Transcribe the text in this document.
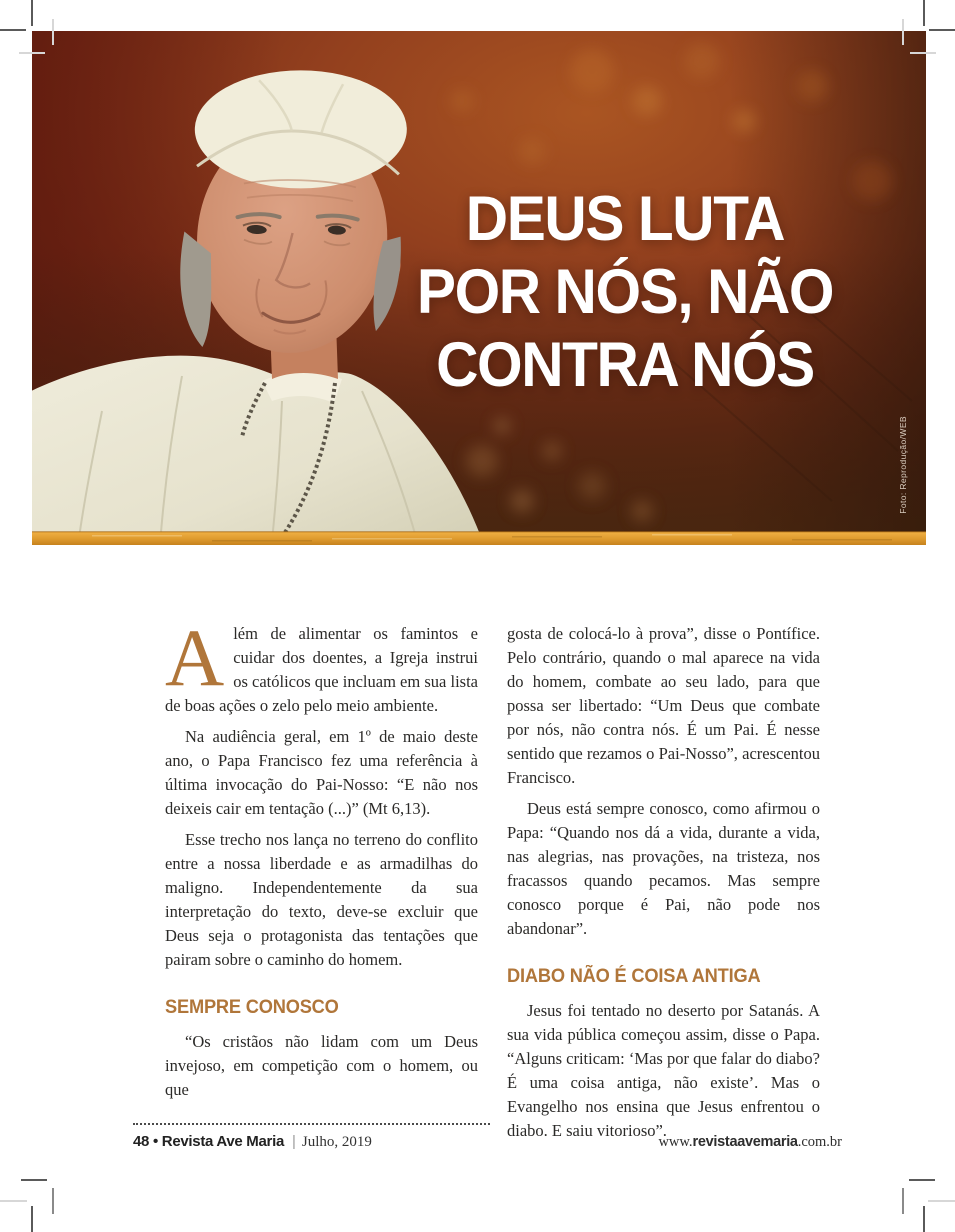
DEUS LUTA
POR NÓS, NÃO
CONTRA NÓS
Foto: Reprodução/WEB

Além de alimentar os famintos e cuidar dos doentes, a Igreja instrui os católicos que incluam em sua lista de boas ações o zelo pelo meio ambiente.

Na audiência geral, em 1º de maio deste ano, o Papa Francisco fez uma referência à última invocação do Pai-Nosso: “E não nos deixeis cair em tentação (...)” (Mt 6,13).

Esse trecho nos lança no terreno do conflito entre a nossa liberdade e as armadilhas do maligno. Independentemente da sua interpretação do texto, deve-se excluir que Deus seja o protagonista das tentações que pairam sobre o caminho do homem.

SEMPRE CONOSCO

“Os cristãos não lidam com um Deus invejoso, em competição com o homem, ou que

gosta de colocá-lo à prova”, disse o Pontífice. Pelo contrário, quando o mal aparece na vida do homem, combate ao seu lado, para que possa ser libertado: “Um Deus que combate por nós, não contra nós. É um Pai. É nesse sentido que rezamos o Pai-Nosso”, acrescentou Francisco.

Deus está sempre conosco, como afirmou o Papa: “Quando nos dá a vida, durante a vida, nas alegrias, nas provações, na tristeza, nos fracassos quando pecamos. Mas sempre conosco porque é Pai, não pode nos abandonar”.

DIABO NÃO É COISA ANTIGA

Jesus foi tentado no deserto por Satanás. A sua vida pública começou assim, disse o Papa. “Alguns criticam: ‘Mas por que falar do diabo? É uma coisa antiga, não existe’. Mas o Evangelho nos ensina que Jesus enfrentou o diabo. E saiu vitorioso”.

48 • Revista Ave Maria | Julho, 2019	www.revistaavemaria.com.br
